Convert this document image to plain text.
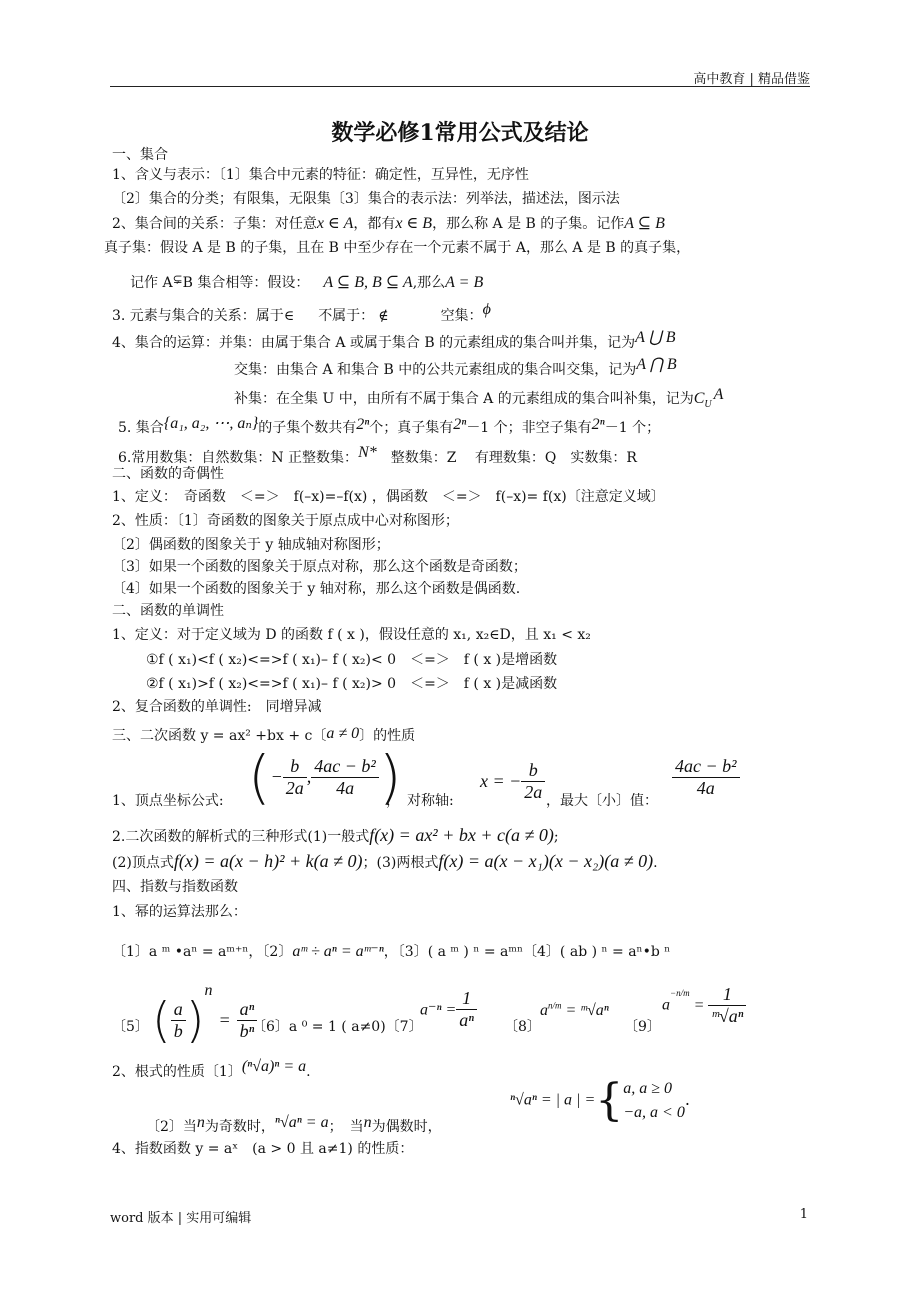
高中教育 | 精品借鉴
数学必修1常用公式及结论
一、集合
1、含义与表示：〔1〕集合中元素的特征：确定性，互异性，无序性
〔2〕集合的分类；有限集，无限集〔3〕集合的表示法：列举法，描述法，图示法
2、集合间的关系：子集：对任意x ∈ A，都有x ∈ B，那么称 A 是 B 的子集。记作A ⊆ B
真子集：假设 A 是 B 的子集，且在 B 中至少存在一个元素不属于 A，那么 A 是 B 的真子集，
记作 A⊊B 集合相等：假设： A ⊆ B, B ⊆ A,那么A = B
3. 元素与集合的关系：属于∈ 不属于： ∉	空集：ϕ
4、集合的运算：并集：由属于集合 A 或属于集合 B 的元素组成的集合叫并集，记为A ⋃ B
交集：由集合 A 和集合 B 中的公共元素组成的集合叫交集，记为A ⋂ B
补集：在全集 U 中，由所有不属于集合 A 的元素组成的集合叫补集，记为$C_UA$
5. 集合{a₁, a₂, ⋯, aₙ}的子集个数共有2ⁿ个；真子集有2ⁿ－1 个；非空子集有2ⁿ－1 个；
6.常用数集：自然数集：N 正整数集：N* 整数集：Z　 有理数集：Q　实数集：R
二、函数的奇偶性
1、定义：　奇函数　＜=＞　f(–x)=–f(x) ，偶函数　＜=＞　f(–x)= f(x)〔注意定义域〕
2、性质：〔1〕奇函数的图象关于原点成中心对称图形；
〔2〕偶函数的图象关于 y 轴成轴对称图形；
〔3〕如果一个函数的图象关于原点对称，那么这个函数是奇函数；
〔4〕如果一个函数的图象关于 y 轴对称，那么这个函数是偶函数.
二、函数的单调性
1、定义：对于定义域为 D 的函数 f ( x )，假设任意的 x₁, x₂∈D，且 x₁ < x₂
①f ( x₁)<f ( x₂)<=>f ( x₁)– f ( x₂)< 0　＜=＞　f ( x )是增函数
②f ( x₁)>f ( x₂)<=>f ( x₁)– f ( x₂)> 0　＜=＞　f ( x )是减函数
2、复合函数的单调性:　同增异减
三、二次函数 y = ax² +bx + c〔a ≠ 0〕的性质
1、顶点坐标公式: (− $\frac{b}{2a}$ , $\frac{\text{4ac − b²}}{4a}$ )
，　对称轴:
x = − $\frac{b}{2a}$ ，最大〔小〕值：
$\frac{\text{4ac − b²}}{4a}$
2.二次函数的解析式的三种形式(1)一般式f(x) = ax² + bx + c(a ≠ 0);
(2)顶点式f(x) = a(x − h)² + k(a ≠ 0)；(3)两根式f(x) = a(x − x₁)(x − x₂)(a ≠ 0).
四、指数与指数函数
1、幂的运算法那么：
〔1〕a ᵐ •aⁿ = aᵐ⁺ⁿ，〔2〕aᵐ ÷ aⁿ = aᵐ⁻ⁿ，〔3〕( a ᵐ ) ⁿ = aᵐⁿ〔4〕( ab ) ⁿ = aⁿ•b ⁿ
〔5〕 ( $\frac{a}{b} )^n= \frac{\text{aⁿ}}{\text{bⁿ}}$
〔6〕a ⁰ = 1 ( a≠0)〔7〕
$a^{-n} = \frac{1}{\text{aⁿ}}$ 〔8〕
$a^{n/m}$ = ᵐ√aⁿ
〔9〕
$a^{-n/m}= \frac{1}{\text{ᵐ√aⁿ}}$
2、根式的性质〔1〕(ⁿ√a)ⁿ = a.
〔2〕当n为奇数时，ⁿ√aⁿ = a；　当n为偶数时，
ⁿ√aⁿ = | a | ={ a, a ≥ 0
−a, a < 0
.
4、指数函数 y = aˣ　(a > 0 且 a≠1) 的性质：
word 版本 | 实用可编辑	1
